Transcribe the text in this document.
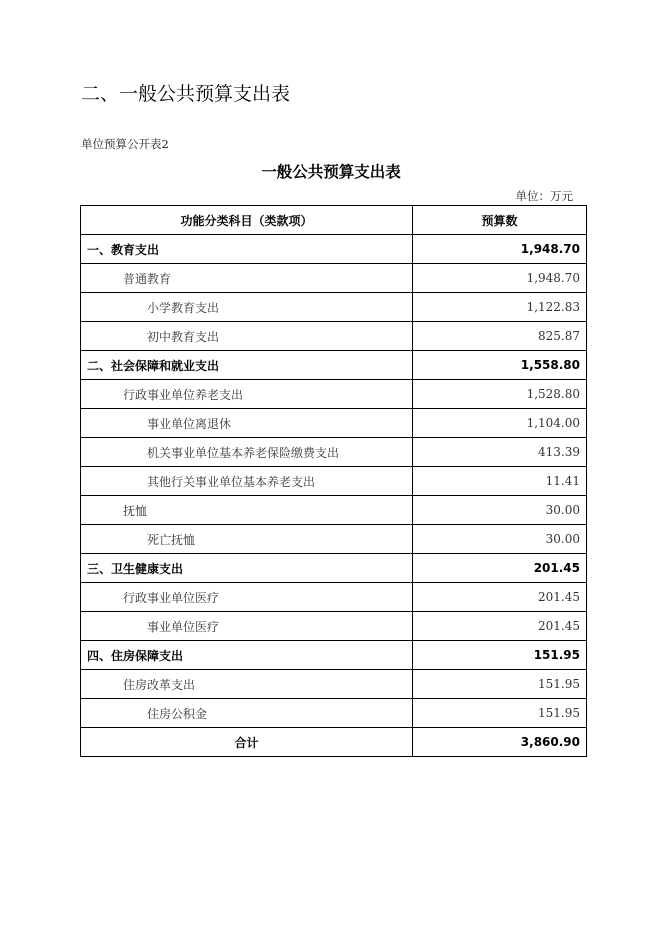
二、一般公共预算支出表
单位预算公开表2
一般公共预算支出表
单位：万元
功能分类科目（类款项）	预算数
一、教育支出	1,948.70
普通教育	1,948.70
小学教育支出	1,122.83
初中教育支出	825.87
二、社会保障和就业支出	1,558.80
行政事业单位养老支出	1,528.80
事业单位离退休	1,104.00
机关事业单位基本养老保险缴费支出	413.39
其他行关事业单位基本养老支出	11.41
抚恤	30.00
死亡抚恤	30.00
三、卫生健康支出	201.45
行政事业单位医疗	201.45
事业单位医疗	201.45
四、住房保障支出	151.95
住房改革支出	151.95
住房公积金	151.95
合计	3,860.90
